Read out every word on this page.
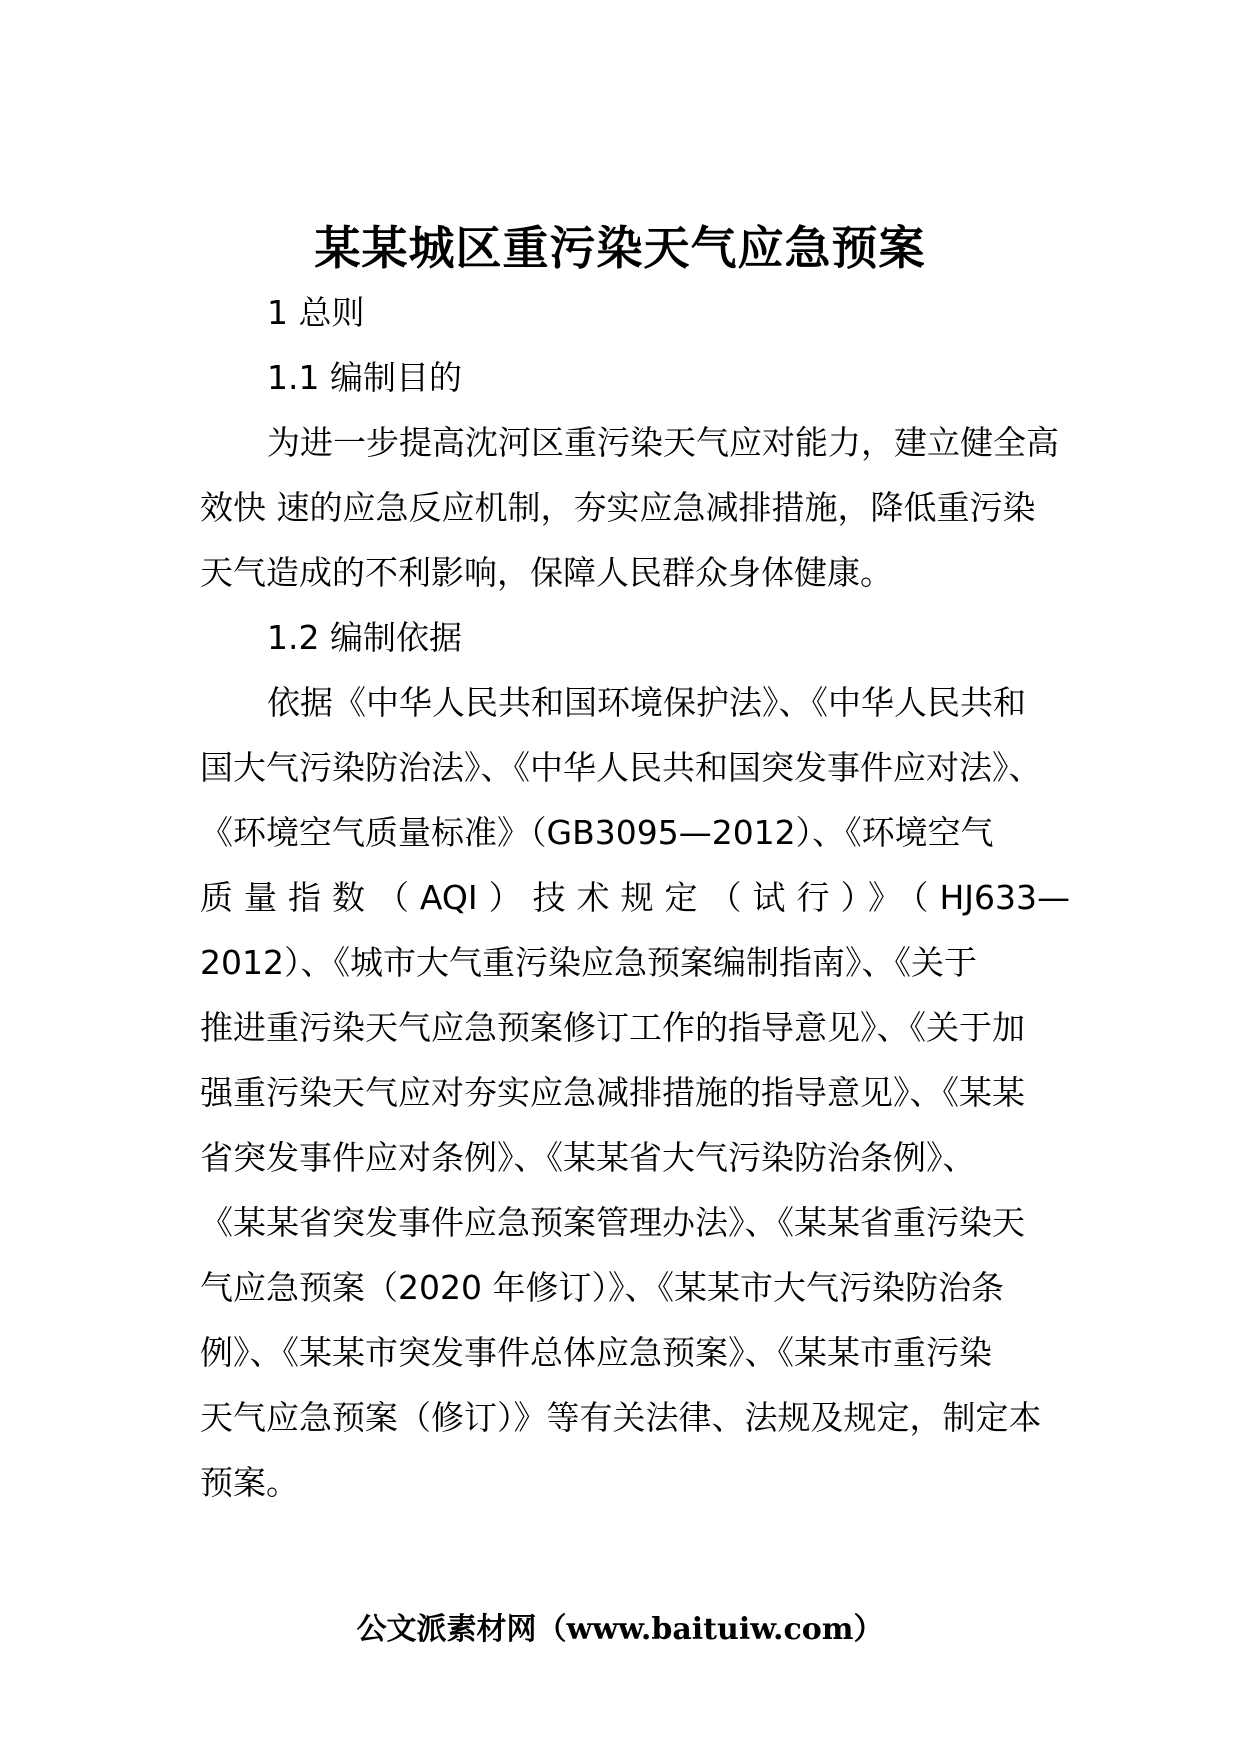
某某城区重污染天气应急预案
1 总则
1.1 编制目的
为进一步提高沈河区重污染天气应对能力，建立健全高
效快 速的应急反应机制，夯实应急减排措施，降低重污染
天气造成的不利影响，保障人民群众身体健康。
1.2 编制依据
依据《中华人民共和国环境保护法》、《中华人民共和
国大气污染防治法》、《中华人民共和国突发事件应对法》、
《环境空气质量标准》（GB3095—2012）、《环境空气
质量指数（AQI）技术规定（试行）》（HJ633—
2012）、《城市大气重污染应急预案编制指南》、《关于
推进重污染天气应急预案修订工作的指导意见》、《关于加
强重污染天气应对夯实应急减排措施的指导意见》、《某某
省突发事件应对条例》、《某某省大气污染防治条例》、
《某某省突发事件应急预案管理办法》、《某某省重污染天
气应急预案（2020 年修订）》、《某某市大气污染防治条
例》、《某某市突发事件总体应急预案》、《某某市重污染
天气应急预案（修订）》等有关法律、法规及规定，制定本
预案。
公文派素材网（www.baituiw.com）
